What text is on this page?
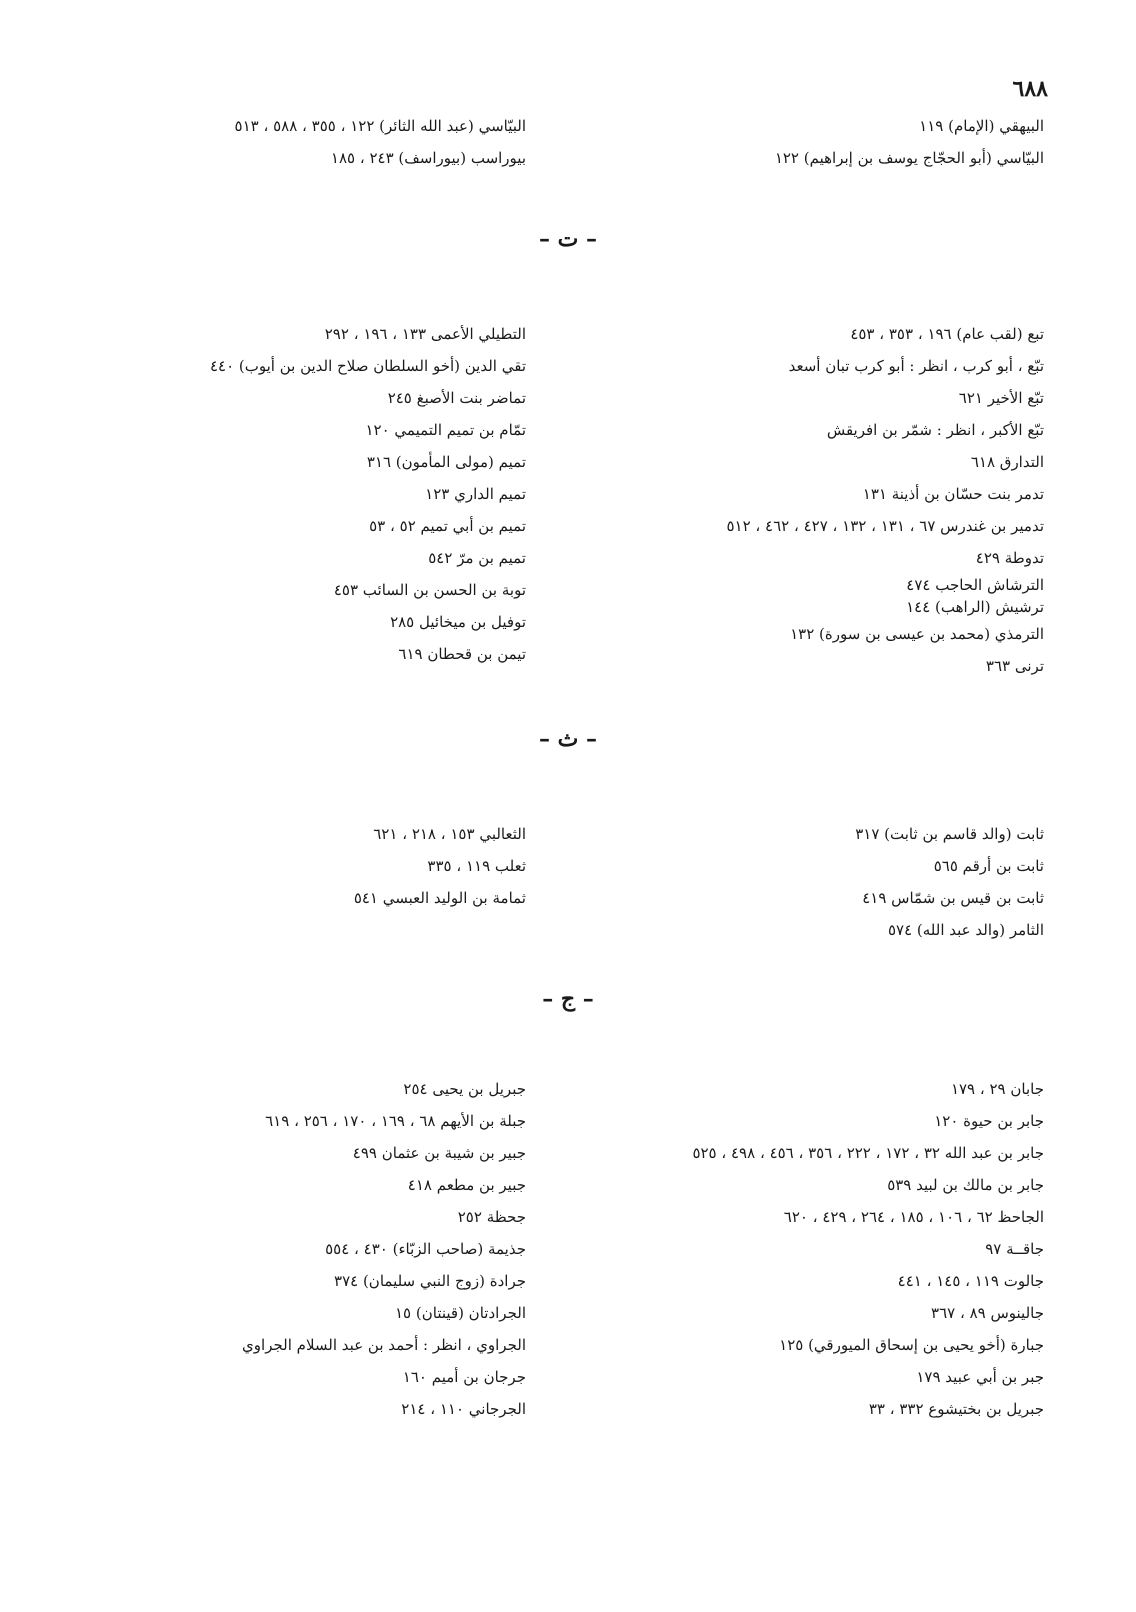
٦٨٨
البيهقي (الإمام) ١١٩
البيّاسي (أبو الحجّاج يوسف بن إبراهيم) ١٢٢
البيّاسي (عبد الله الثائر) ١٢٢ ، ٣٥٥ ، ٥٨٨ ، ٥١٣
بيوراسب (بيوراسف) ٢٤٣ ، ١٨٥
– ت –
تبع (لقب عام) ١٩٦ ، ٣٥٣ ، ٤٥٣
تبّع ، أبو كرب ، انظر : أبو كرب تبان أسعد
تبّع الأخير ٦٢١
تبّع الأكبر ، انظر : شمّر بن افريقش
التدارق ٦١٨
تدمر بنت حسّان بن أذينة ١٣١
تدمير بن غندرس ٦٧ ، ١٣١ ، ١٣٢ ، ٤٢٧ ، ٤٦٢ ، ٥١٢
تدوطة ٤٢٩
الترشاش الحاجب ٤٧٤
ترشيش (الراهب) ١٤٤
الترمذي (محمد بن عيسى بن سورة) ١٣٢
ترنى ٣٦٣
التطيلي الأعمى ١٣٣ ، ١٩٦ ، ٢٩٢
تقي الدين (أخو السلطان صلاح الدين بن أيوب) ٤٤٠
تماضر بنت الأصبغ ٢٤٥
تمّام بن تميم التميمي ١٢٠
تميم (مولى المأمون) ٣١٦
تميم الداري ١٢٣
تميم بن أبي تميم ٥٢ ، ٥٣
تميم بن مرّ ٥٤٢
توبة بن الحسن بن السائب ٤٥٣
توفيل بن ميخائيل ٢٨٥
تيمن بن قحطان ٦١٩
– ث –
ثابت (والد قاسم بن ثابت) ٣١٧
ثابت بن أرقم ٥٦٥
ثابت بن قيس بن شمّاس ٤١٩
الثامر (والد عبد الله) ٥٧٤
الثعالبي ١٥٣ ، ٢١٨ ، ٦٢١
ثعلب ١١٩ ، ٣٣٥
ثمامة بن الوليد العبسي ٥٤١
– ج –
جابان ٢٩ ، ١٧٩
جابر بن حيوة ١٢٠
جابر بن عبد الله ٣٢ ، ١٧٢ ، ٢٢٢ ، ٣٥٦ ، ٤٥٦ ، ٤٩٨ ، ٥٢٥
جابر بن مالك بن لبيد ٥٣٩
الجاحظ ٦٢ ، ١٠٦ ، ١٨٥ ، ٢٦٤ ، ٤٢٩ ، ٦٢٠
جاقــة ٩٧
جالوت ١١٩ ، ١٤٥ ، ٤٤١
جالينوس ٨٩ ، ٣٦٧
جبارة (أخو يحيى بن إسحاق الميورقي) ١٢٥
جبر بن أبي عبيد ١٧٩
جبريل بن بختيشوع ٣٣٢ ، ٣٣
جبريل بن يحيى ٢٥٤
جبلة بن الأيهم ٦٨ ، ١٦٩ ، ١٧٠ ، ٢٥٦ ، ٦١٩
جبير بن شيبة بن عثمان ٤٩٩
جبير بن مطعم ٤١٨
جحظة ٢٥٢
جذيمة (صاحب الزبّاء) ٤٣٠ ، ٥٥٤
جرادة (زوج النبي سليمان) ٣٧٤
الجرادتان (قينتان) ١٥
الجراوي ، انظر : أحمد بن عبد السلام الجراوي
جرجان بن أميم ١٦٠
الجرجاني ١١٠ ، ٢١٤
